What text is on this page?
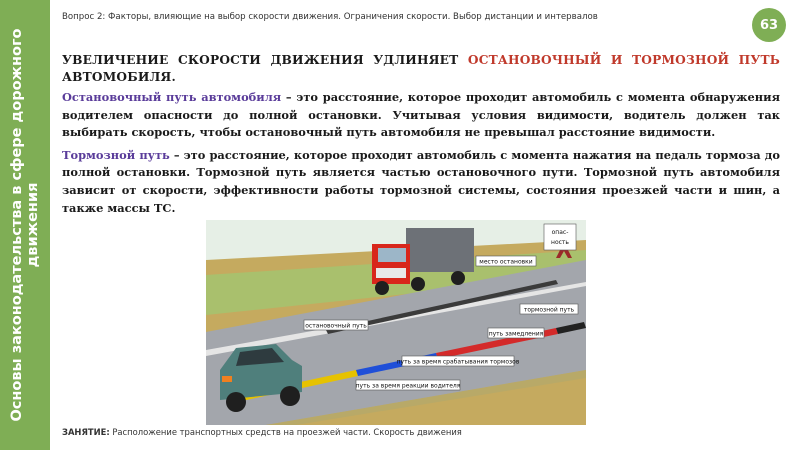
Основы законодательства в сфере дорожного движения
Вопрос 2: Факторы, влияющие на выбор скорости движения. Ограничения скорости. Выбор дистанции и интервалов
63
УВЕЛИЧЕНИЕ СКОРОСТИ ДВИЖЕНИЯ УДЛИНЯЕТ ОСТАНОВОЧНЫЙ И ТОРМОЗНОЙ ПУТЬ АВТОМОБИЛЯ.

Остановочный путь автомобиля – это расстояние, которое проходит автомобиль с момента обнаружения водителем опасности до полной остановки. Учитывая условия видимости, водитель должен так выбирать скорость, чтобы остановочный путь автомобиля не превышал расстояние видимости.

Тормозной путь – это расстояние, которое проходит автомобиль с момента нажатия на педаль тормоза до полной остановки. Тормозной путь является частью остановочного пути. Тормозной путь автомобиля зависит от скорости, эффективности работы тормозной системы, состояния проезжей части и шин, а также массы ТС.

опас-
ность
место остановки
остановочный путь
тормозной путь
путь замедления
путь за время срабатывания тормозов
путь за время реакции водителя
ЗАНЯТИЕ: Расположение транспортных средств на проезжей части. Скорость движения
